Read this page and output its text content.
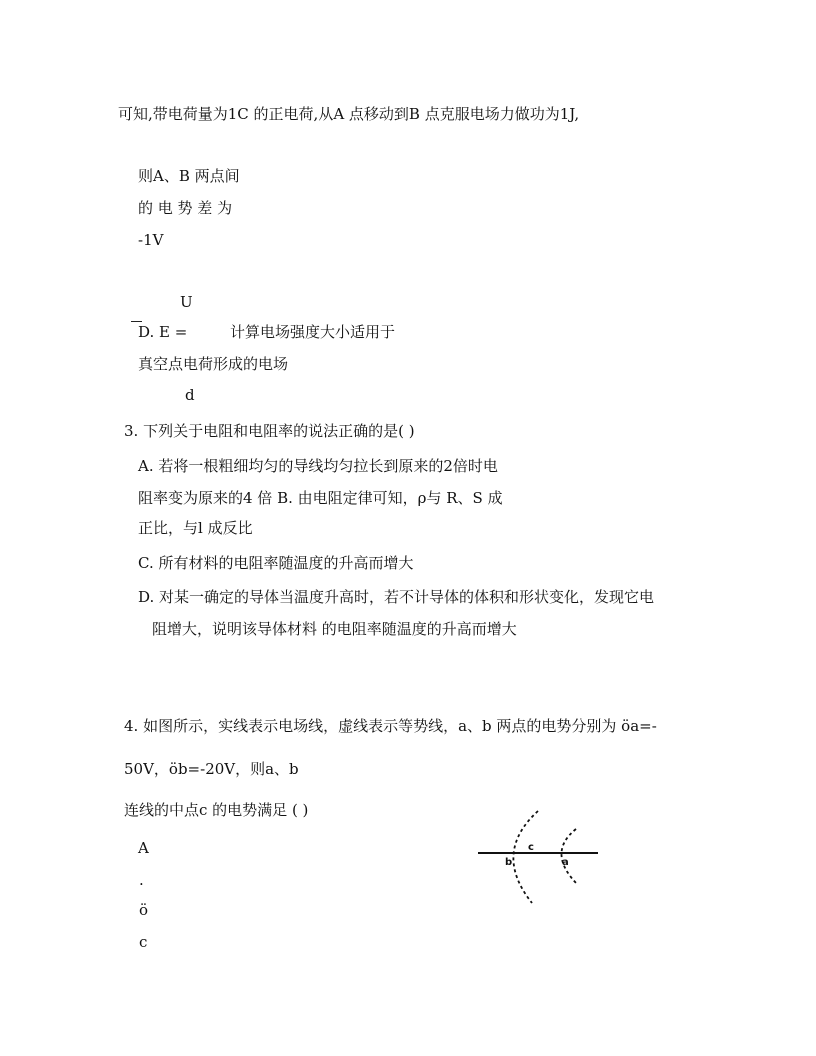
可知,带电荷量为1C 的正电荷,从A 点移动到B 点克服电场力做功为1J,
则A、B 两点间
的 电 势 差 为
-1V
U
D. E =	计算电场强度大小适用于
真空点电荷形成的电场
d
3. 下列关于电阻和电阻率的说法正确的是( )
A. 若将一根粗细均匀的导线均匀拉长到原来的2倍时电
阻率变为原来的4 倍 B. 由电阻定律可知，ρ与 R、S 成
正比，与l 成反比
C. 所有材料的电阻率随温度的升高而增大
D. 对某一确定的导体当温度升高时，若不计导体的体积和形状变化，发现它电
阻增大，说明该导体材料 的电阻率随温度的升高而增大
4. 如图所示，实线表示电场线，虚线表示等势线，a、b 两点的电势分别为 öa=-
50V，öb=-20V，则a、b
连线的中点c 的电势满足 ( )
A
.
ö
c
b
c
a
